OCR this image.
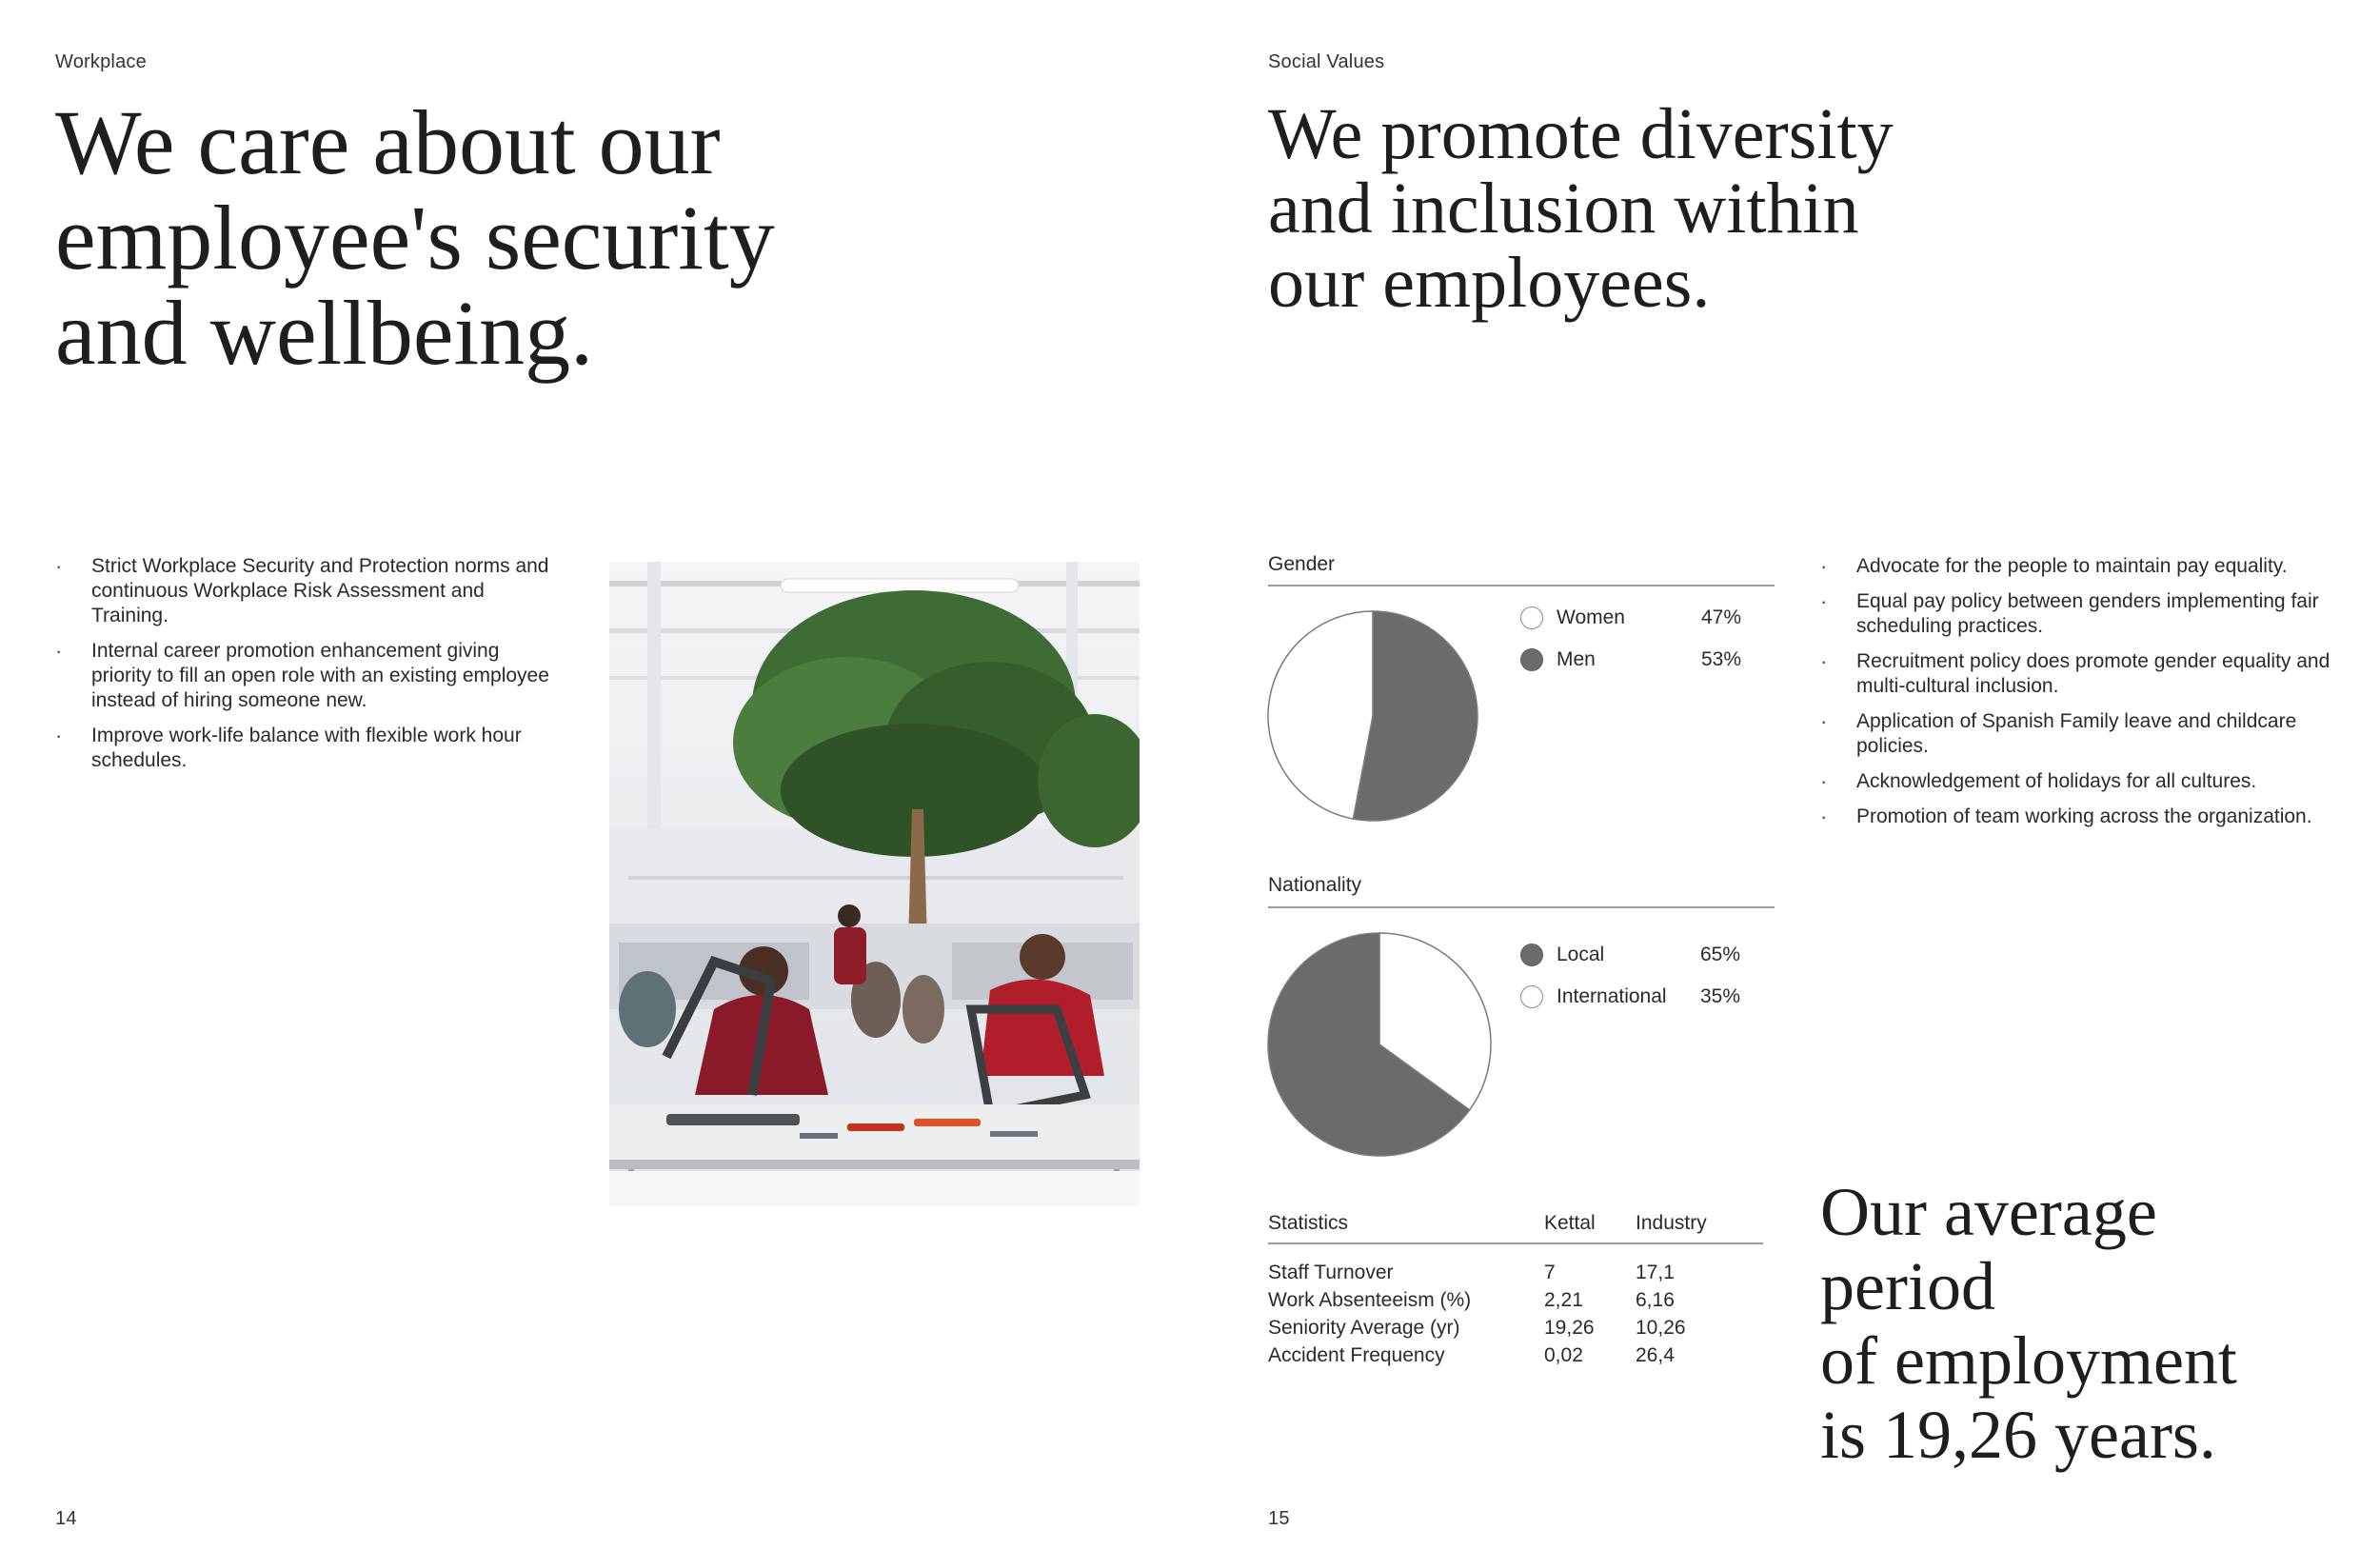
Workplace
We care about our
employee's security
and wellbeing.
· Strict Workplace Security and Protection norms and continuous Workplace Risk Assessment and Training.
· Internal career promotion enhancement giving priority to fill an open role with an existing employee instead of hiring someone new.
· Improve work-life balance with flexible work hour schedules.
14
Social Values
We promote diversity
and inclusion within
our employees.
Gender
Women	47%
Men	53%
Nationality
Local	65%
International 35%
Statistics	Kettal Industry
Staff Turnover	7	17,1
Work Absenteeism (%)	2,21	6,16
Seniority Average (yr)	19,26 10,26
Accident Frequency	0,02	26,4
· Advocate for the people to maintain pay equality.
· Equal pay policy between genders implementing fair scheduling practices.
· Recruitment policy does promote gender equality and multi-cultural inclusion.
· Application of Spanish Family leave and childcare policies.
· Acknowledgement of holidays for all cultures.
· Promotion of team working across the organization.
Our average
period
of employment
is 19,26 years.
15
